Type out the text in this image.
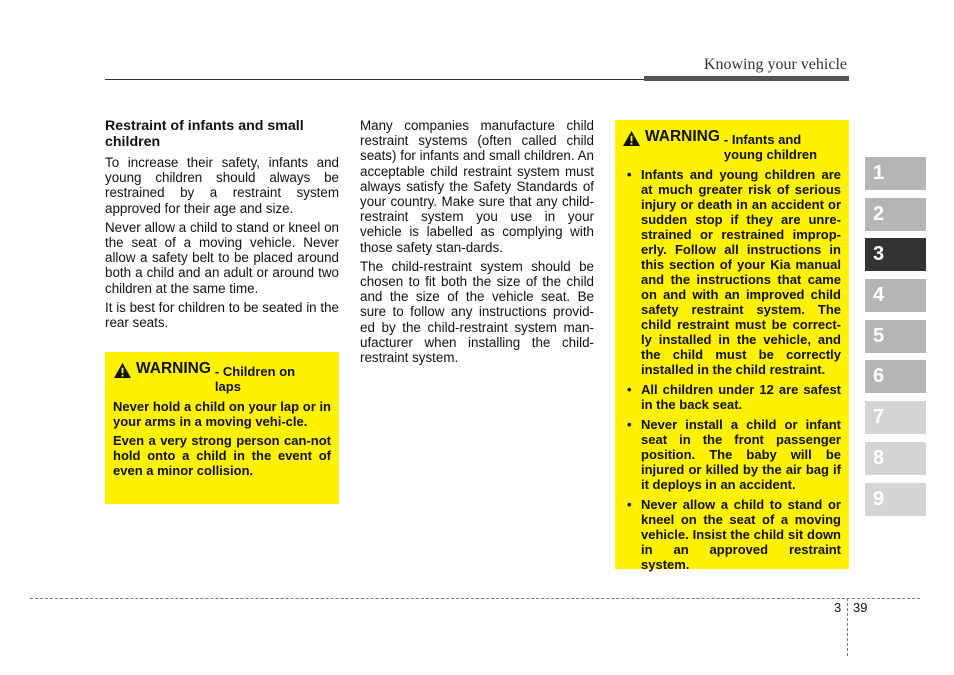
Knowing your vehicle
Restraint of infants and small children

To increase their safety, infants and young children should always be restrained by a restraint system approved for their age and size.

Never allow a child to stand or kneel on the seat of a moving vehicle. Never allow a safety belt to be placed around both a child and an adult or around two children at the same time.

It is best for children to be seated in the rear seats.

WARNING - Children on laps

Never hold a child on your lap or in your arms in a moving vehi-cle.

Even a very strong person can-not hold onto a child in the event of even a minor collision.

Many companies manufacture child restraint systems (often called child seats) for infants and small children. An acceptable child restraint system must always satisfy the Safety Standards of your country. Make sure that any child-restraint system you use in your vehicle is labelled as complying with those safety stan-dards.

The child-restraint system should be chosen to fit both the size of the child and the size of the vehicle seat. Be sure to follow any instructions provid-ed by the child-restraint system man-ufacturer when installing the child-restraint system.

WARNING - Infants and young children
• Infants and young children are at much greater risk of serious injury or death in an accident or sudden stop if they are unre-strained or restrained improp-erly. Follow all instructions in this section of your Kia manual and the instructions that came on and with an improved child safety restraint system. The child restraint must be correct-ly installed in the vehicle, and the child must be correctly installed in the child restraint.
• All children under 12 are safest in the back seat.
• Never install a child or infant seat in the front passenger position. The baby will be injured or killed by the air bag if it deploys in an accident.
• Never allow a child to stand or kneel on the seat of a moving vehicle. Insist the child sit down in an approved restraint system.
1
2
3
4
5
6
7
8
9
3 39
